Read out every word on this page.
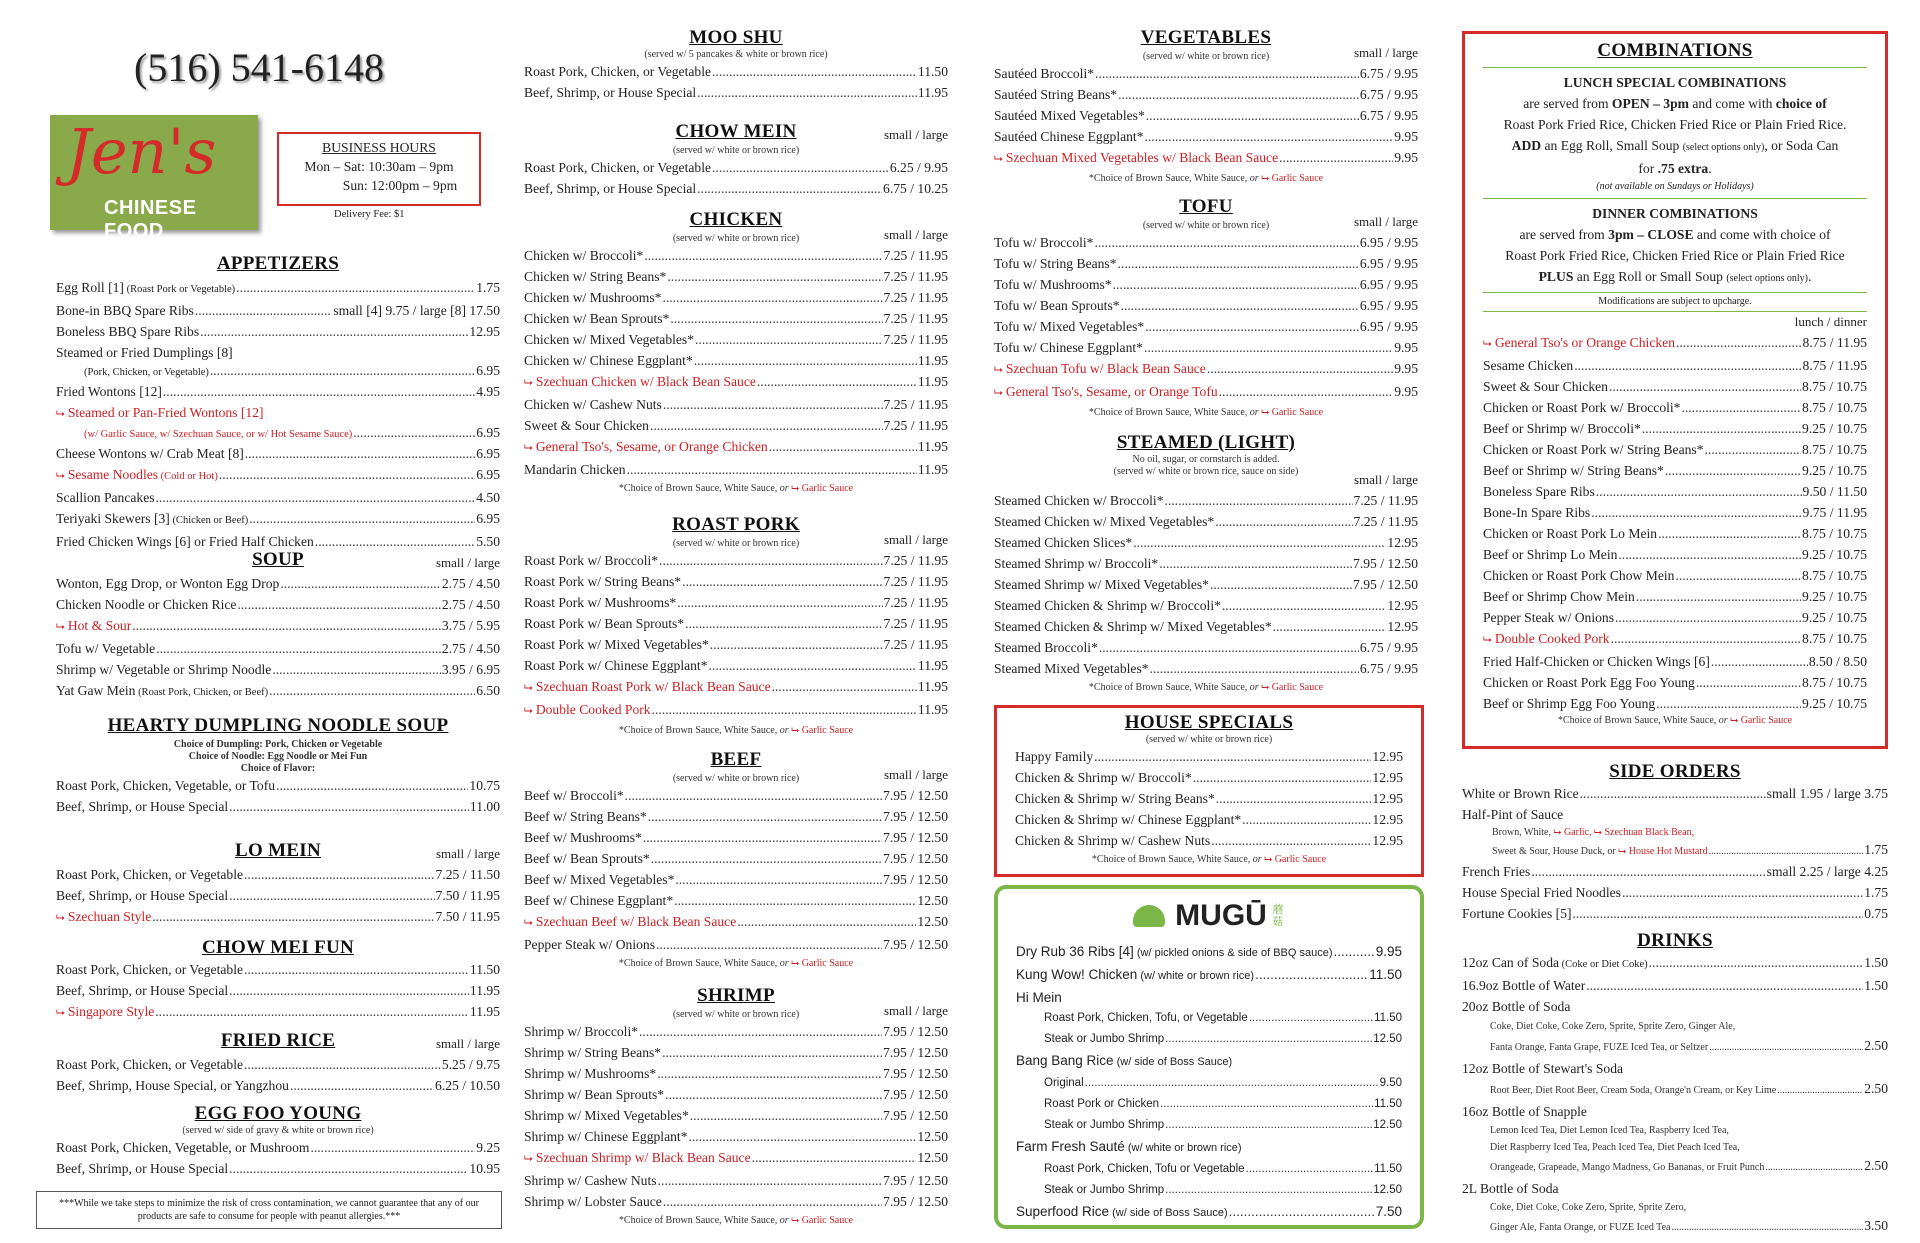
(516) 541-6148
Jen's
CHINESE FOOD
BUSINESS HOURS
Mon – Sat: 10:30am – 9pm
Sun: 12:00pm – 9pm
Delivery Fee: $1
APPETIZERS
Egg Roll [1] (Roast Pork or Vegetable) .....	1.75
Bone-in BBQ Spare Ribs .....	small [4] 9.75 / large [8] 17.50
Boneless BBQ Spare Ribs .....	12.95
Steamed or Fried Dumplings [8]
(Pork, Chicken, or Vegetable) .....	6.95
Fried Wontons [12] .....	4.95
⮡ Steamed or Pan-Fried Wontons [12]
(w/ Garlic Sauce, w/ Szechuan Sauce, or w/ Hot Sesame Sauce) .....	6.95
Cheese Wontons w/ Crab Meat [8] .....	6.95
⮡ Sesame Noodles (Cold or Hot) .....	6.95
Scallion Pancakes .....	4.50
Teriyaki Skewers [3] (Chicken or Beef) .....	6.95
Fried Chicken Wings [6] or Fried Half Chicken .....	5.50
SOUP	small / large
Wonton, Egg Drop, or Wonton Egg Drop .....	2.75 / 4.50
Chicken Noodle or Chicken Rice .....	2.75 / 4.50
⮡ Hot & Sour .....	3.75 / 5.95
Tofu w/ Vegetable .....	2.75 / 4.50
Shrimp w/ Vegetable or Shrimp Noodle .....	3.95 / 6.95
Yat Gaw Mein (Roast Pork, Chicken, or Beef) .....	6.50
HEARTY DUMPLING NOODLE SOUP
Choice of Dumpling: Pork, Chicken or Vegetable
Choice of Noodle: Egg Noodle or Mei Fun
Choice of Flavor:
Roast Pork, Chicken, Vegetable, or Tofu .....	10.75
Beef, Shrimp, or House Special .....	11.00
LO MEIN	small / large
Roast Pork, Chicken, or Vegetable .....	7.25 / 11.50
Beef, Shrimp, or House Special .....	7.50 / 11.95
⮡ Szechuan Style .....	7.50 / 11.95
CHOW MEI FUN
Roast Pork, Chicken, or Vegetable .....	11.50
Beef, Shrimp, or House Special .....	11.95
⮡ Singapore Style .....	11.95
FRIED RICE	small / large
Roast Pork, Chicken, or Vegetable .....	5.25 / 9.75
Beef, Shrimp, House Special, or Yangzhou .....	6.25 / 10.50
EGG FOO YOUNG
(served w/ side of gravy & white or brown rice)
Roast Pork, Chicken, Vegetable, or Mushroom .....	9.25
Beef, Shrimp, or House Special .....	10.95
***While we take steps to minimize the risk of cross contamination, we cannot guarantee that any of our products are safe to consume for people with peanut allergies.***
MOO SHU
(served w/ 5 pancakes & white or brown rice)
Roast Pork, Chicken, or Vegetable .....	11.50
Beef, Shrimp, or House Special .....	11.95
CHOW MEIN	small / large
(served w/ white or brown rice)
Roast Pork, Chicken, or Vegetable .....	6.25 / 9.95
Beef, Shrimp, or House Special .....	6.75 / 10.25
CHICKEN
small / large
(served w/ white or brown rice)
Chicken w/ Broccoli* .....	7.25 / 11.95
Chicken w/ String Beans* .....	7.25 / 11.95
Chicken w/ Mushrooms* .....	7.25 / 11.95
Chicken w/ Bean Sprouts* .....	7.25 / 11.95
Chicken w/ Mixed Vegetables* .....	7.25 / 11.95
Chicken w/ Chinese Eggplant* .....	11.95
⮡ Szechuan Chicken w/ Black Bean Sauce .....	11.95
Chicken w/ Cashew Nuts .....	7.25 / 11.95
Sweet & Sour Chicken .....	7.25 / 11.95
⮡ General Tso's, Sesame, or Orange Chicken .....	11.95
Mandarin Chicken .....	11.95
*Choice of Brown Sauce, White Sauce, or ⮡ Garlic Sauce
ROAST PORK
small / large
(served w/ white or brown rice)
Roast Pork w/ Broccoli* .....	7.25 / 11.95
Roast Pork w/ String Beans* .....	7.25 / 11.95
Roast Pork w/ Mushrooms* .....	7.25 / 11.95
Roast Pork w/ Bean Sprouts* .....	7.25 / 11.95
Roast Pork w/ Mixed Vegetables* .....	7.25 / 11.95
Roast Pork w/ Chinese Eggplant* .....	11.95
⮡ Szechuan Roast Pork w/ Black Bean Sauce .....	11.95
⮡ Double Cooked Pork .....	11.95
*Choice of Brown Sauce, White Sauce, or ⮡ Garlic Sauce
BEEF
small / large
(served w/ white or brown rice)
Beef w/ Broccoli* .....	7.95 / 12.50
Beef w/ String Beans* .....	7.95 / 12.50
Beef w/ Mushrooms* .....	7.95 / 12.50
Beef w/ Bean Sprouts* .....	7.95 / 12.50
Beef w/ Mixed Vegetables* .....	7.95 / 12.50
Beef w/ Chinese Eggplant* .....	12.50
⮡ Szechuan Beef w/ Black Bean Sauce .....	12.50
Pepper Steak w/ Onions .....	7.95 / 12.50
*Choice of Brown Sauce, White Sauce, or ⮡ Garlic Sauce
SHRIMP
small / large
(served w/ white or brown rice)
Shrimp w/ Broccoli* .....	7.95 / 12.50
Shrimp w/ String Beans* .....	7.95 / 12.50
Shrimp w/ Mushrooms* .....	7.95 / 12.50
Shrimp w/ Bean Sprouts* .....	7.95 / 12.50
Shrimp w/ Mixed Vegetables* .....	7.95 / 12.50
Shrimp w/ Chinese Eggplant* .....	12.50
⮡ Szechuan Shrimp w/ Black Bean Sauce .....	12.50
Shrimp w/ Cashew Nuts .....	7.95 / 12.50
Shrimp w/ Lobster Sauce .....	7.95 / 12.50
*Choice of Brown Sauce, White Sauce, or ⮡ Garlic Sauce
VEGETABLES
small / large
(served w/ white or brown rice)
Sautéed Broccoli* .....	6.75 / 9.95
Sautéed String Beans* .....	6.75 / 9.95
Sautéed Mixed Vegetables* .....	6.75 / 9.95
Sautéed Chinese Eggplant* .....	9.95
⮡ Szechuan Mixed Vegetables w/ Black Bean Sauce .....	9.95
*Choice of Brown Sauce, White Sauce, or ⮡ Garlic Sauce
TOFU
small / large
(served w/ white or brown rice)
Tofu w/ Broccoli* .....	6.95 / 9.95
Tofu w/ String Beans* .....	6.95 / 9.95
Tofu w/ Mushrooms* .....	6.95 / 9.95
Tofu w/ Bean Sprouts* .....	6.95 / 9.95
Tofu w/ Mixed Vegetables* .....	6.95 / 9.95
Tofu w/ Chinese Eggplant* .....	9.95
⮡ Szechuan Tofu w/ Black Bean Sauce .....	9.95
⮡ General Tso's, Sesame, or Orange Tofu .....	9.95
*Choice of Brown Sauce, White Sauce, or ⮡ Garlic Sauce
STEAMED (LIGHT)
No oil, sugar, or cornstarch is added.
(served w/ white or brown rice, sauce on side)
small / large
Steamed Chicken w/ Broccoli* .....	7.25 / 11.95
Steamed Chicken w/ Mixed Vegetables* .....	7.25 / 11.95
Steamed Chicken Slices* .....	12.95
Steamed Shrimp w/ Broccoli* .....	7.95 / 12.50
Steamed Shrimp w/ Mixed Vegetables* .....	7.95 / 12.50
Steamed Chicken & Shrimp w/ Broccoli* .....	12.95
Steamed Chicken & Shrimp w/ Mixed Vegetables* .....	12.95
Steamed Broccoli* .....	6.75 / 9.95
Steamed Mixed Vegetables* .....	6.75 / 9.95
*Choice of Brown Sauce, White Sauce, or ⮡ Garlic Sauce
HOUSE SPECIALS
(served w/ white or brown rice)
Happy Family .....	12.95
Chicken & Shrimp w/ Broccoli* .....	12.95
Chicken & Shrimp w/ String Beans* .....	12.95
Chicken & Shrimp w/ Chinese Eggplant* .....	12.95
Chicken & Shrimp w/ Cashew Nuts .....	12.95
*Choice of Brown Sauce, White Sauce, or ⮡ Garlic Sauce
MUGŪ 蘑菇
Dry Rub 36 Ribs [4] (w/ pickled onions & side of BBQ sauce) .....	9.95
Kung Wow! Chicken (w/ white or brown rice) .....	11.50
Hi Mein
Roast Pork, Chicken, Tofu, or Vegetable .....	11.50
Steak or Jumbo Shrimp .....	12.50
Bang Bang Rice (w/ side of Boss Sauce)
Original .....	9.50
Roast Pork or Chicken .....	11.50
Steak or Jumbo Shrimp .....	12.50
Farm Fresh Sauté (w/ white or brown rice)
Roast Pork, Chicken, Tofu or Vegetable .....	11.50
Steak or Jumbo Shrimp .....	12.50
Superfood Rice (w/ side of Boss Sauce) .....	7.50
COMBINATIONS

LUNCH SPECIAL COMBINATIONS

are served from OPEN – 3pm and come with choice of

Roast Pork Fried Rice, Chicken Fried Rice or Plain Fried Rice.

ADD an Egg Roll, Small Soup (select options only), or Soda Can

for .75 extra.

(not available on Sundays or Holidays)

DINNER COMBINATIONS

are served from 3pm – CLOSE and come with choice of

Roast Pork Fried Rice, Chicken Fried Rice or Plain Fried Rice

PLUS an Egg Roll or Small Soup (select options only).

Modifications are subject to upcharge.

lunch / dinner
⮡ General Tso's or Orange Chicken .....	8.75 / 11.95
Sesame Chicken .....	8.75 / 11.95
Sweet & Sour Chicken .....	8.75 / 10.75
Chicken or Roast Pork w/ Broccoli* .....	8.75 / 10.75
Beef or Shrimp w/ Broccoli* .....	9.25 / 10.75
Chicken or Roast Pork w/ String Beans* .....	8.75 / 10.75
Beef or Shrimp w/ String Beans* .....	9.25 / 10.75
Boneless Spare Ribs .....	9.50 / 11.50
Bone-In Spare Ribs .....	9.75 / 11.95
Chicken or Roast Pork Lo Mein .....	8.75 / 10.75
Beef or Shrimp Lo Mein .....	9.25 / 10.75
Chicken or Roast Pork Chow Mein .....	8.75 / 10.75
Beef or Shrimp Chow Mein .....	9.25 / 10.75
Pepper Steak w/ Onions .....	9.25 / 10.75
⮡ Double Cooked Pork .....	8.75 / 10.75
Fried Half-Chicken or Chicken Wings [6] .....	8.50 / 8.50
Chicken or Roast Pork Egg Foo Young .....	8.75 / 10.75
Beef or Shrimp Egg Foo Young .....	9.25 / 10.75
*Choice of Brown Sauce, White Sauce, or ⮡ Garlic Sauce
SIDE ORDERS
White or Brown Rice .....	small 1.95 / large 3.75
Half-Pint of Sauce
Brown, White, ⮡ Garlic, ⮡ Szechuan Black Bean,
Sweet & Sour, House Duck, or ⮡ House Hot Mustard .....	1.75
French Fries .....	small 2.25 / large 4.25
House Special Fried Noodles .....	1.75
Fortune Cookies [5] .....	0.75
DRINKS
12oz Can of Soda (Coke or Diet Coke) .....	1.50
16.9oz Bottle of Water .....	1.50
20oz Bottle of Soda
Coke, Diet Coke, Coke Zero, Sprite, Sprite Zero, Ginger Ale,
Fanta Orange, Fanta Grape, FUZE Iced Tea, or Seltzer .....	2.50
12oz Bottle of Stewart's Soda
Root Beer, Diet Root Beer, Cream Soda, Orange'n Cream, or Key Lime .....	2.50
16oz Bottle of Snapple
Lemon Iced Tea, Diet Lemon Iced Tea, Raspberry Iced Tea,
Diet Raspberry Iced Tea, Peach Iced Tea, Diet Peach Iced Tea,
Orangeade, Grapeade, Mango Madness, Go Bananas, or Fruit Punch .....	2.50
2L Bottle of Soda
Coke, Diet Coke, Coke Zero, Sprite, Sprite Zero,
Ginger Ale, Fanta Orange, or FUZE Iced Tea .....	3.50
